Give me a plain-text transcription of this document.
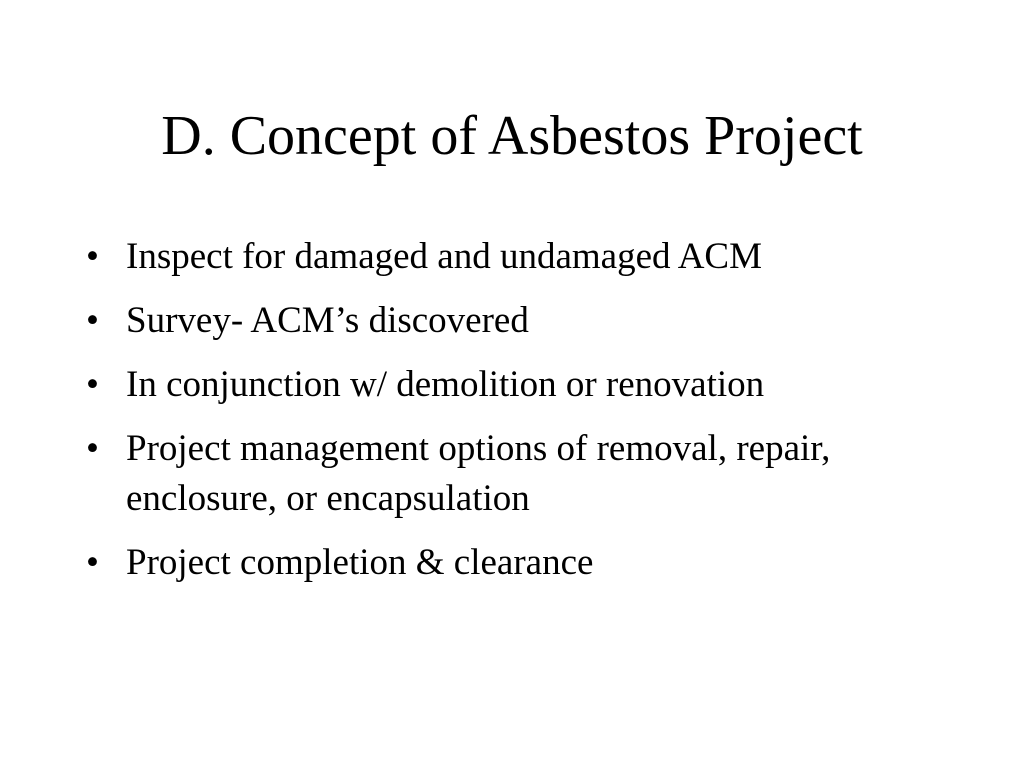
D. Concept of Asbestos Project
• Inspect for damaged and undamaged ACM
• Survey- ACM’s discovered
• In conjunction w/ demolition or renovation
• Project management options of removal, repair, enclosure, or encapsulation
• Project completion & clearance
